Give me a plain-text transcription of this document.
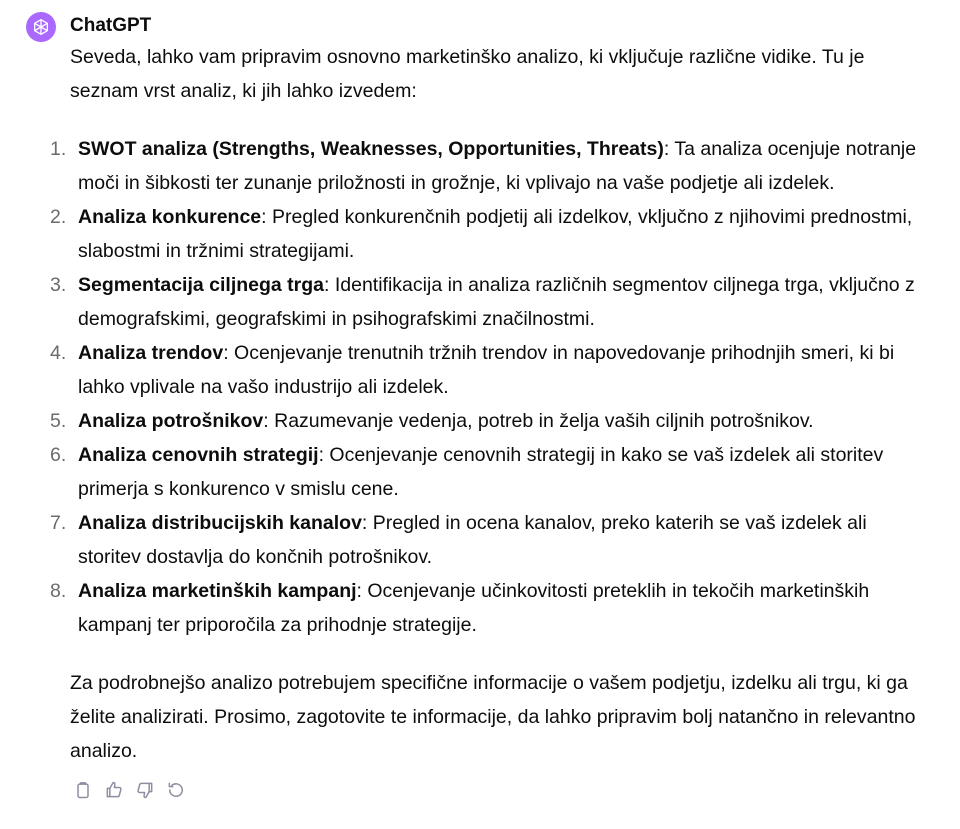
ChatGPT

Seveda, lahko vam pripravim osnovno marketinško analizo, ki vključuje različne vidike. Tu je seznam vrst analiz, ki jih lahko izvedem:

1. SWOT analiza (Strengths, Weaknesses, Opportunities, Threats): Ta analiza ocenjuje notranje moči in šibkosti ter zunanje priložnosti in grožnje, ki vplivajo na vaše podjetje ali izdelek.
2. Analiza konkurence: Pregled konkurenčnih podjetij ali izdelkov, vključno z njihovimi prednostmi, slabostmi in tržnimi strategijami.
3. Segmentacija ciljnega trga: Identifikacija in analiza različnih segmentov ciljnega trga, vključno z demografskimi, geografskimi in psihografskimi značilnostmi.
4. Analiza trendov: Ocenjevanje trenutnih tržnih trendov in napovedovanje prihodnjih smeri, ki bi lahko vplivale na vašo industrijo ali izdelek.
5. Analiza potrošnikov: Razumevanje vedenja, potreb in želja vaših ciljnih potrošnikov.
6. Analiza cenovnih strategij: Ocenjevanje cenovnih strategij in kako se vaš izdelek ali storitev primerja s konkurenco v smislu cene.
7. Analiza distribucijskih kanalov: Pregled in ocena kanalov, preko katerih se vaš izdelek ali storitev dostavlja do končnih potrošnikov.
8. Analiza marketinških kampanj: Ocenjevanje učinkovitosti preteklih in tekočih marketinških kampanj ter priporočila za prihodnje strategije.

Za podrobnejšo analizo potrebujem specifične informacije o vašem podjetju, izdelku ali trgu, ki ga želite analizirati. Prosimo, zagotovite te informacije, da lahko pripravim bolj natančno in relevantno analizo.
